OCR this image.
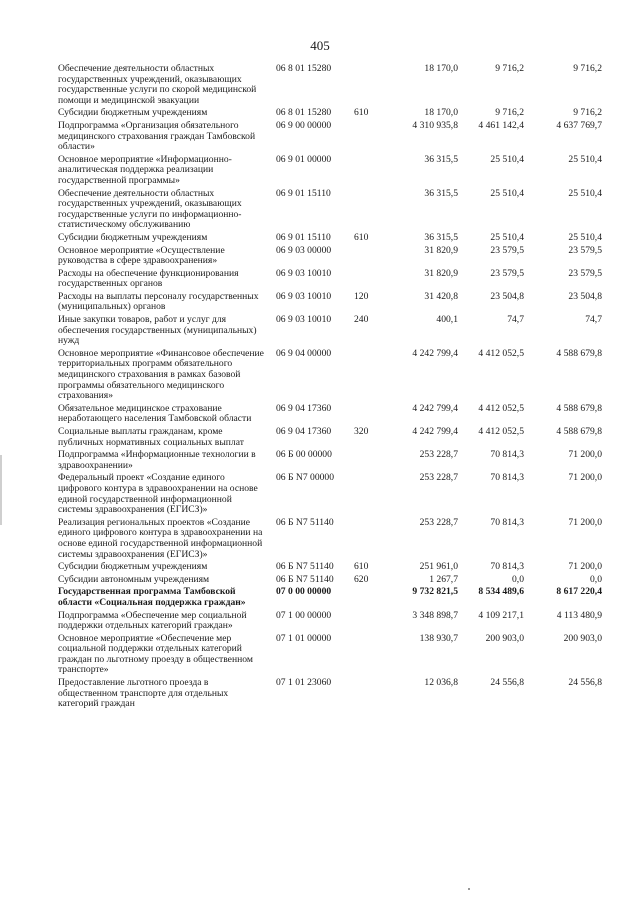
405
Обеспечение деятельности областных государственных учреждений, оказывающих государственные услуги по скорой медицинской помощи и медицинской эвакуации
06 8 01 15280	18 170,0	9 716,2	9 716,2
Субсидии бюджетным учреждениям	06 8 01 15280	610	18 170,0	9 716,2	9 716,2
Подпрограмма «Организация обязательного медицинского страхования граждан Тамбовской области»
06 9 00 00000	4 310 935,8	4 461 142,4	4 637 769,7
Основное мероприятие «Информационно-аналитическая поддержка реализации государственной программы»
06 9 01 00000	36 315,5	25 510,4	25 510,4
Обеспечение деятельности областных государственных учреждений, оказывающих государственные услуги по информационно-статистическому обслуживанию
06 9 01 15110	36 315,5	25 510,4	25 510,4
Субсидии бюджетным учреждениям	06 9 01 15110	610	36 315,5	25 510,4	25 510,4
Основное мероприятие «Осуществление руководства в сфере здравоохранения»
06 9 03 00000	31 820,9	23 579,5	23 579,5
Расходы на обеспечение функционирования государственных органов
06 9 03 10010	31 820,9	23 579,5	23 579,5
Расходы на выплаты персоналу государственных (муниципальных) органов
06 9 03 10010	120	31 420,8	23 504,8	23 504,8
Иные закупки товаров, работ и услуг для обеспечения государственных (муниципальных) нужд
06 9 03 10010	240	400,1	74,7	74,7
Основное мероприятие «Финансовое обеспечение территориальных программ обязательного медицинского страхования в рамках базовой программы обязательного медицинского страхования»
06 9 04 00000	4 242 799,4	4 412 052,5	4 588 679,8
Обязательное медицинское страхование неработающего населения Тамбовской области
06 9 04 17360	4 242 799,4	4 412 052,5	4 588 679,8
Социальные выплаты гражданам, кроме публичных нормативных социальных выплат
06 9 04 17360	320	4 242 799,4	4 412 052,5	4 588 679,8
Подпрограмма «Информационные технологии в здравоохранении»
06 Б 00 00000	253 228,7	70 814,3	71 200,0
Федеральный проект «Создание единого цифрового контура в здравоохранении на основе единой государственной информационной системы здравоохранения (ЕГИСЗ)»
06 Б N7 00000	253 228,7	70 814,3	71 200,0
Реализация региональных проектов «Создание единого цифрового контура в здравоохранении на основе единой государственной информационной системы здравоохранения (ЕГИСЗ)»
06 Б N7 51140	253 228,7	70 814,3	71 200,0
Субсидии бюджетным учреждениям	06 Б N7 51140	610	251 961,0	70 814,3	71 200,0
Субсидии автономным учреждениям	06 Б N7 51140	620	1 267,7	0,0	0,0
Государственная программа Тамбовской области «Социальная поддержка граждан»
07 0 00 00000	9 732 821,5	8 534 489,6	8 617 220,4
Подпрограмма «Обеспечение мер социальной поддержки отдельных категорий граждан»
07 1 00 00000	3 348 898,7	4 109 217,1	4 113 480,9
Основное мероприятие «Обеспечение мер социальной поддержки отдельных категорий граждан по льготному проезду в общественном транспорте»
07 1 01 00000	138 930,7	200 903,0	200 903,0
Предоставление льготного проезда в общественном транспорте для отдельных категорий граждан
07 1 01 23060	12 036,8	24 556,8	24 556,8
